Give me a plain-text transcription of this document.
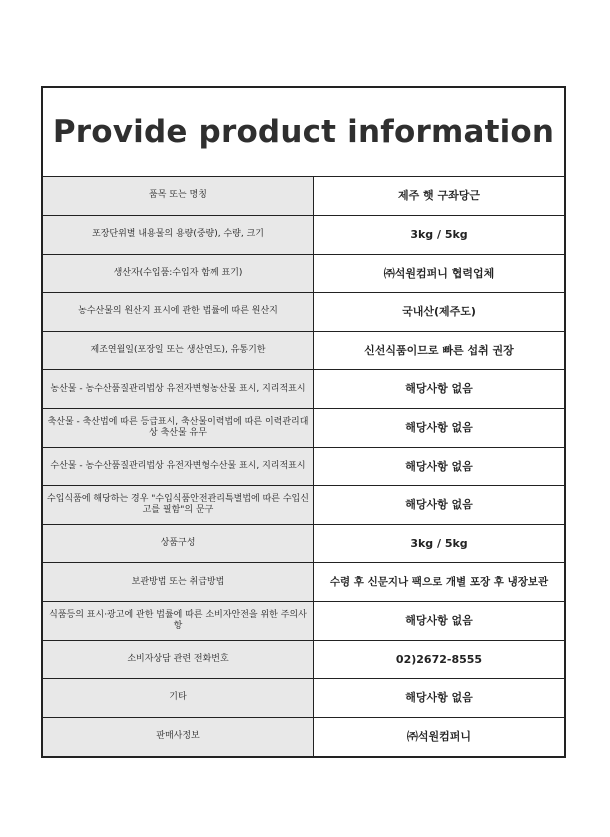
Provide product information
품목 또는 명칭	제주 햇 구좌당근
포장단위별 내용물의 용량(중량), 수량, 크기	3kg / 5kg
생산자(수입품:수입자 함께 표기)	㈜석원컴퍼니 협력업체
농수산물의 원산지 표시에 관한 법률에 따른 원산지	국내산(제주도)
제조연월일(포장일 또는 생산연도), 유통기한	신선식품이므로 빠른 섭취 권장
농산물 - 농수산품질관리법상 유전자변형농산물 표시, 지리적표시	해당사항 없음
축산물 - 축산법에 따른 등급표시, 축산물이력법에 따른 이력관리대상 축산물 유무	해당사항 없음
수산물 - 농수산품질관리법상 유전자변형수산물 표시, 지리적표시	해당사항 없음
수입식품에 해당하는 경우 "수입식품안전관리특별법에 따른 수입신고를 필함"의 문구	해당사항 없음
상품구성	3kg / 5kg
보관방법 또는 취급방법	수령 후 신문지나 팩으로 개별 포장 후 냉장보관
식품등의 표시·광고에 관한 법률에 따른 소비자안전을 위한 주의사항	해당사항 없음
소비자상담 관련 전화번호	02)2672-8555
기타	해당사항 없음
판매사정보	㈜석원컴퍼니
